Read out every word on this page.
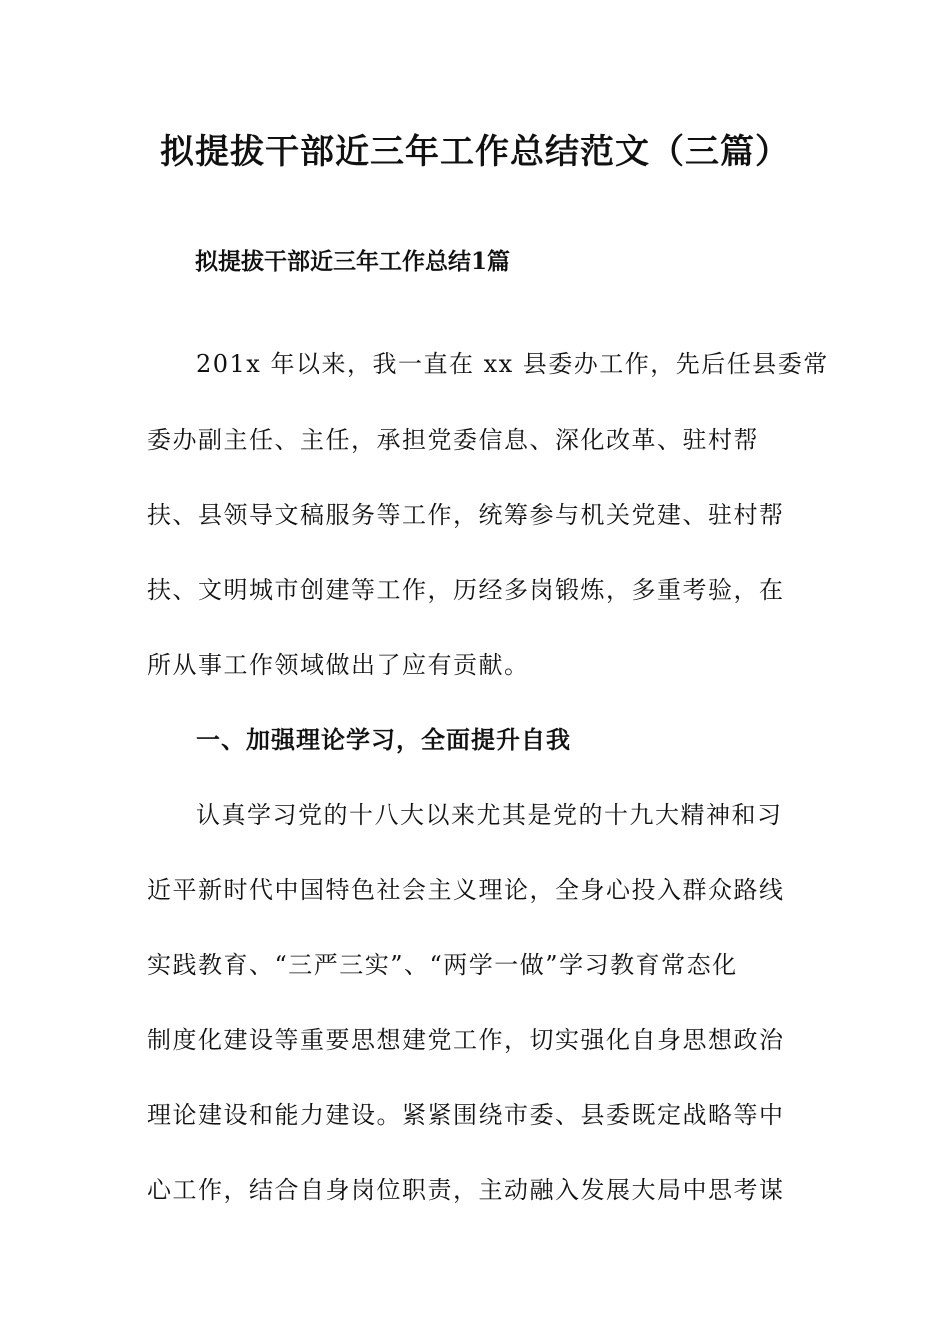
拟提拔干部近三年工作总结范文（三篇）
拟提拔干部近三年工作总结1篇

201x 年以来，我一直在 xx 县委办工作，先后任县委常

委办副主任、主任，承担党委信息、深化改革、驻村帮

扶、县领导文稿服务等工作，统筹参与机关党建、驻村帮

扶、文明城市创建等工作，历经多岗锻炼，多重考验，在

所从事工作领域做出了应有贡献。

一、加强理论学习，全面提升自我

认真学习党的十八大以来尤其是党的十九大精神和习

近平新时代中国特色社会主义理论，全身心投入群众路线

实践教育、“三严三实”、“两学一做”学习教育常态化

制度化建设等重要思想建党工作，切实强化自身思想政治

理论建设和能力建设。紧紧围绕市委、县委既定战略等中

心工作，结合自身岗位职责，主动融入发展大局中思考谋
